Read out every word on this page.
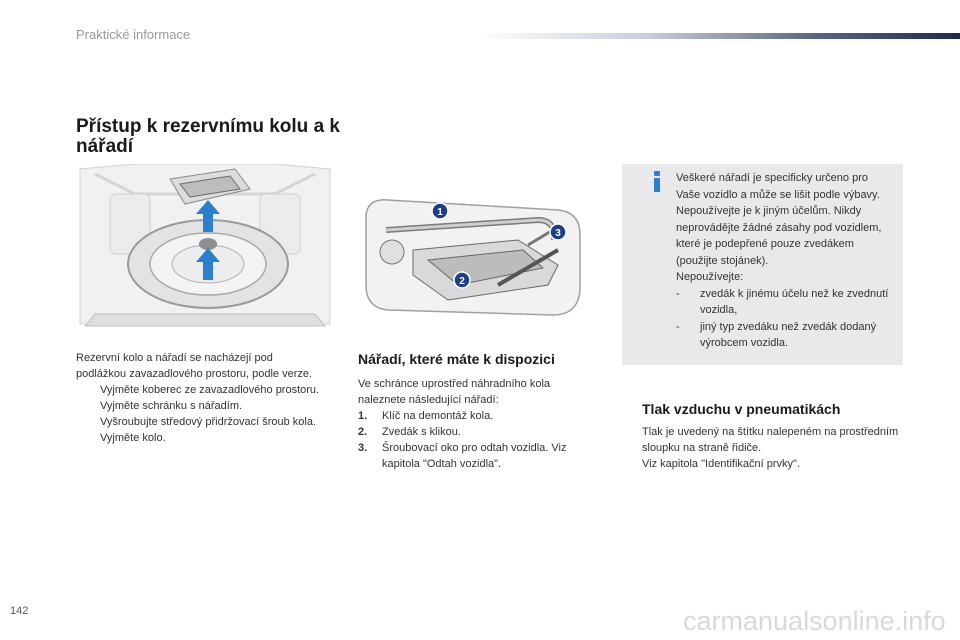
Praktické informace
Přístup k rezervnímu kolu a k nářadí
1
2
3
Rezervní kolo a nářadí se nacházejí pod podlážkou zavazadlového prostoru, podle verze.
Vyjměte koberec ze zavazadlového prostoru.
Vyjměte schránku s nářadím.
Vyšroubujte středový přidržovací šroub kola.
Vyjměte kolo.
Nářadí, které máte k dispozici
Ve schránce uprostřed náhradního kola naleznete následující nářadí:
1. Klíč na demontáž kola.
2. Zvedák s klikou.
3. Šroubovací oko pro odtah vozidla. Viz kapitola "Odtah vozidla".
Veškeré nářadí je specificky určeno pro Vaše vozidlo a může se lišit podle výbavy. Nepoužívejte je k jiným účelům. Nikdy neprovádějte žádné zásahy pod vozidlem, které je podepřené pouze zvedákem (použijte stojánek).
Nepoužívejte:
- zvedák k jinému účelu než ke zvednutí vozidla,
- jiný typ zvedáku než zvedák dodaný výrobcem vozidla.
Tlak vzduchu v pneumatikách
Tlak je uvedený na štítku nalepeném na prostředním sloupku na straně řidiče.
Viz kapitola "Identifikační prvky".
142	carmanualsonline.info
